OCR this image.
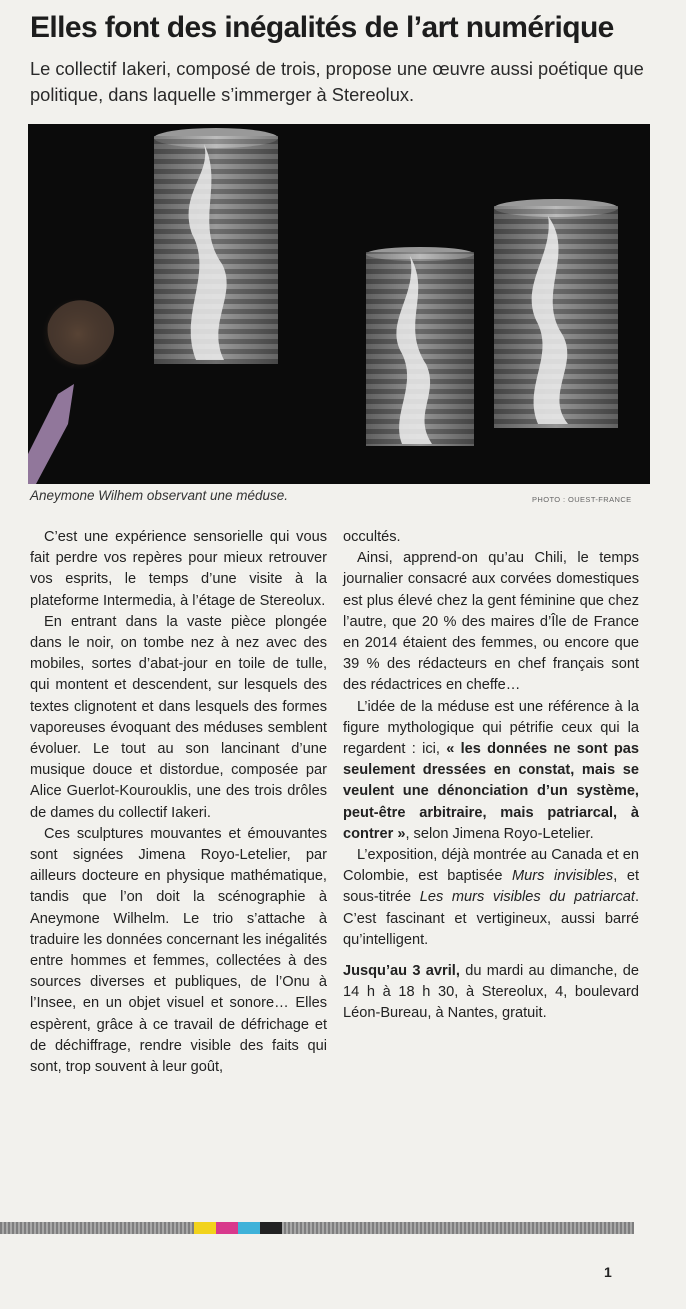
Elles font des inégalités de l’art numérique

Le collectif Iakeri, composé de trois, propose une œuvre aussi poétique que politique, dans laquelle s’immerger à Stereolux.

Aneymone Wilhem observant une méduse.	PHOTO : OUEST-FRANCE

C’est une expérience sensorielle qui vous fait perdre vos repères pour mieux retrouver vos esprits, le temps d’une visite à la plateforme Intermedia, à l’étage de Stereolux.

En entrant dans la vaste pièce plongée dans le noir, on tombe nez à nez avec des mobiles, sortes d’abat-jour en toile de tulle, qui montent et descendent, sur lesquels des textes clignotent et dans lesquels des formes vaporeuses évoquant des méduses semblent évoluer. Le tout au son lancinant d’une musique douce et distordue, composée par Alice Guerlot-Kourouklis, une des trois drôles de dames du collectif Iakeri.

Ces sculptures mouvantes et émouvantes sont signées Jimena Royo-Letelier, par ailleurs docteure en physique mathématique, tandis que l’on doit la scénographie à Aneymone Wilhelm. Le trio s’attache à traduire les données concernant les inégalités entre hommes et femmes, collectées à des sources diverses et publiques, de l’Onu à l’Insee, en un objet visuel et sonore… Elles espèrent, grâce à ce travail de défrichage et de déchiffrage, rendre visible des faits qui sont, trop souvent à leur goût,

occultés.

Ainsi, apprend-on qu’au Chili, le temps journalier consacré aux corvées domestiques est plus élevé chez la gent féminine que chez l’autre, que 20 % des maires d’Île de France en 2014 étaient des femmes, ou encore que 39 % des rédacteurs en chef français sont des rédactrices en cheffe…

L’idée de la méduse est une référence à la figure mythologique qui pétrifie ceux qui la regardent : ici, « les données ne sont pas seulement dressées en constat, mais se veulent une dénonciation d’un système, peut-être arbitraire, mais patriarcal, à contrer », selon Jimena Royo-Letelier.

L’exposition, déjà montrée au Canada et en Colombie, est baptisée Murs invisibles, et sous-titrée Les murs visibles du patriarcat. C’est fascinant et vertigineux, aussi barré qu’intelligent.

Jusqu’au 3 avril, du mardi au dimanche, de 14 h à 18 h 30, à Stereolux, 4, boulevard Léon-Bureau, à Nantes, gratuit.

1
